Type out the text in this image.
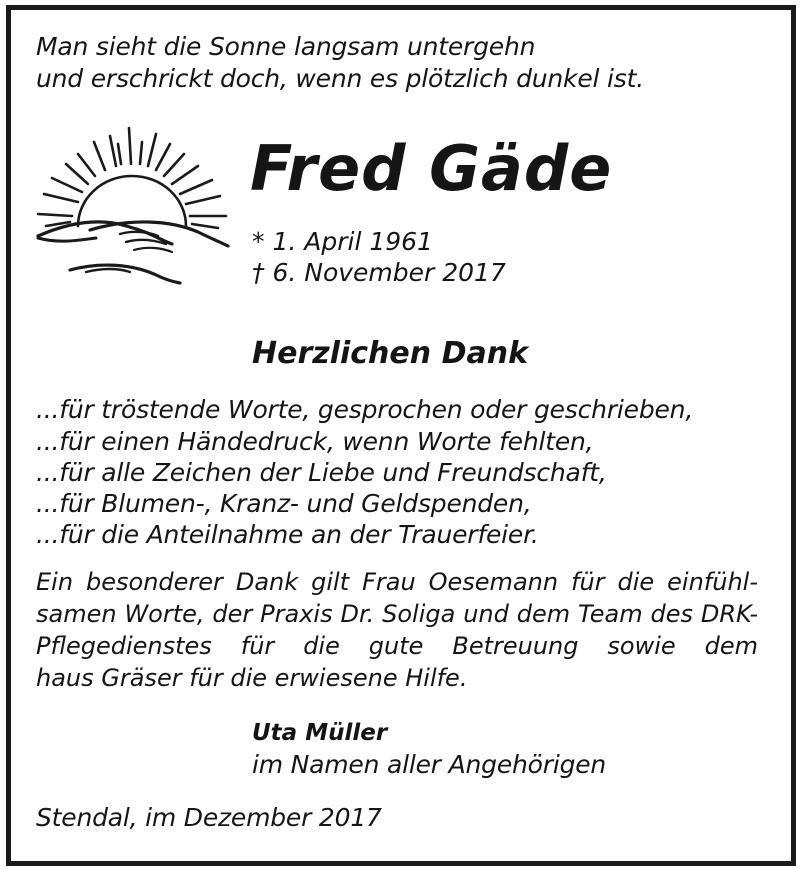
Man sieht die Sonne langsam untergehn
und erschrickt doch, wenn es plötzlich dunkel ist.
Fred Gäde
* 1. April 1961
† 6. November 2017
Herzlichen Dank
...für tröstende Worte, gesprochen oder geschrieben,
...für einen Händedruck, wenn Worte fehlten,
...für alle Zeichen der Liebe und Freundschaft,
...für Blumen-, Kranz- und Geldspenden,
...für die Anteilnahme an der Trauerfeier.
Ein besonderer Dank gilt Frau Oesemann für die einfühl-
samen Worte, der Praxis Dr. Soliga und dem Team des DRK-
Pflegedienstes für die gute Betreuung sowie dem
haus Gräser für die erwiesene Hilfe.
Uta Müller
im Namen aller Angehörigen
Stendal, im Dezember 2017
